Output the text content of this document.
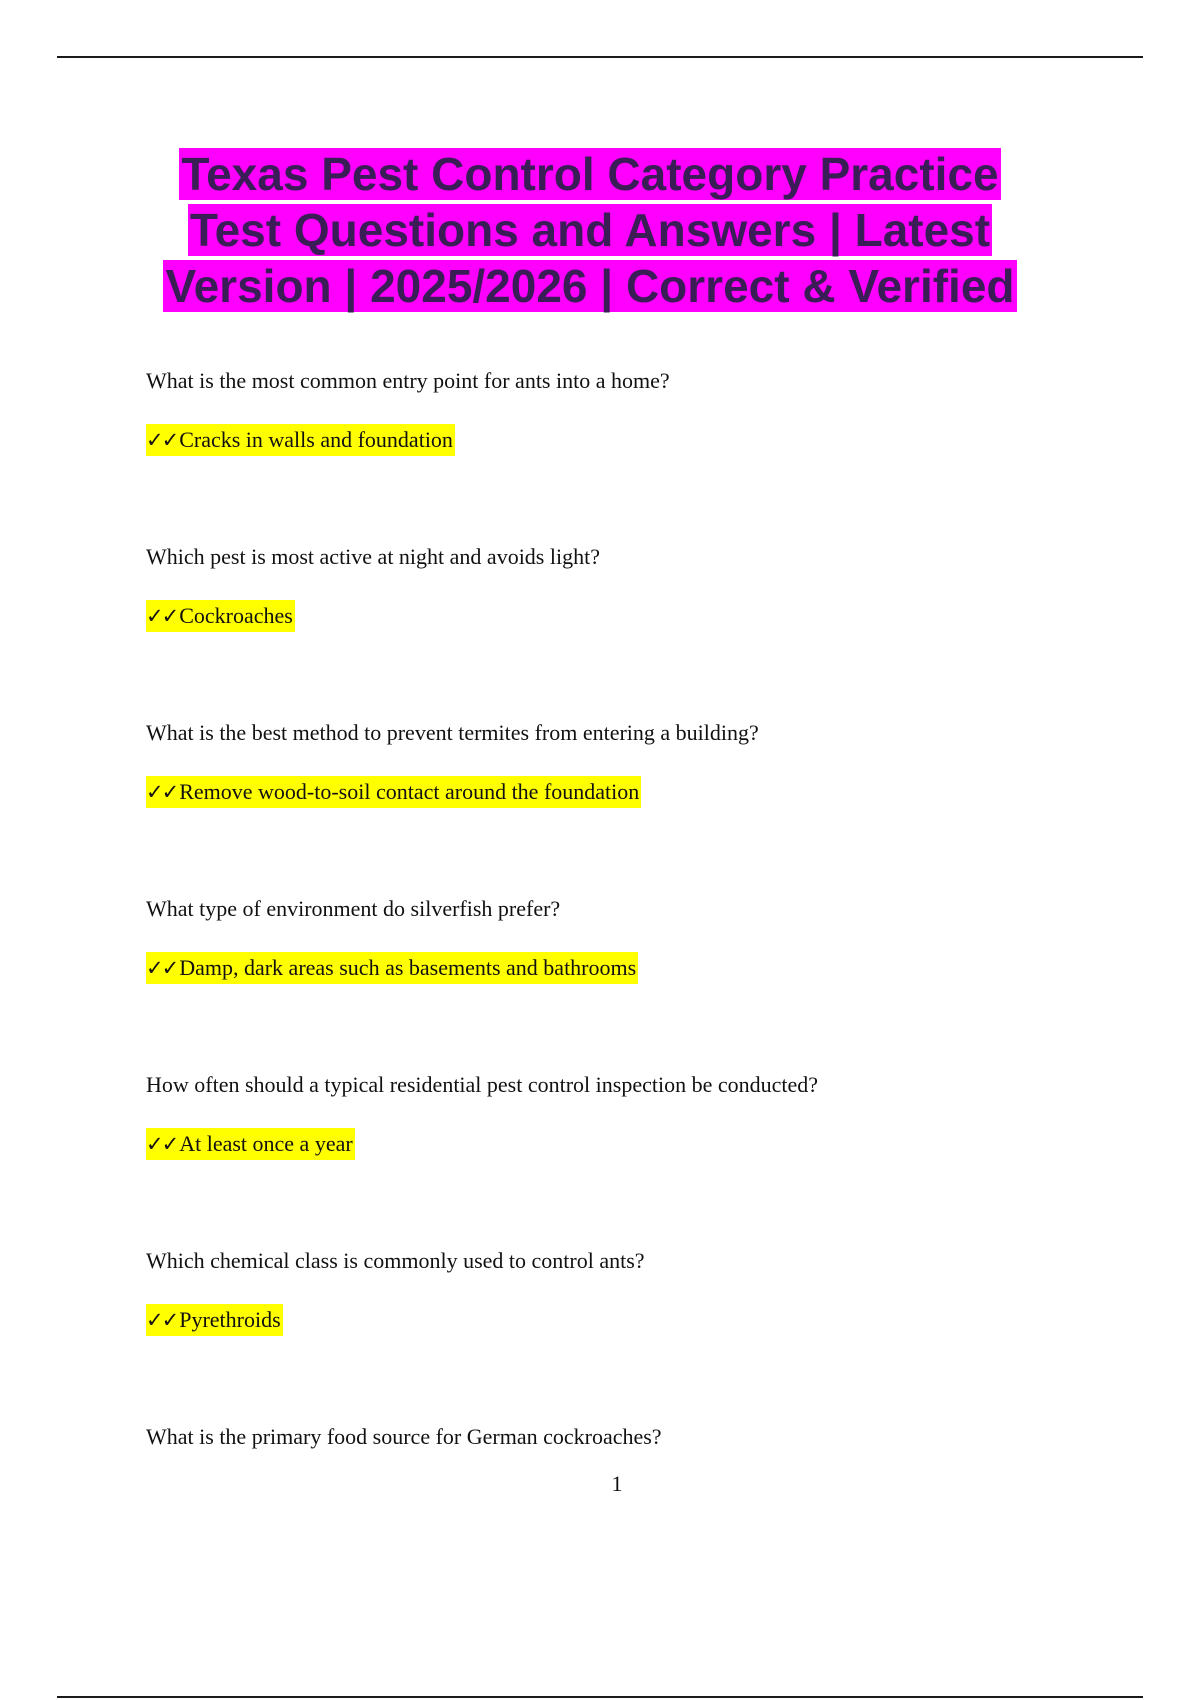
Texas Pest Control Category Practice Test Questions and Answers | Latest Version | 2025/2026 | Correct & Verified

What is the most common entry point for ants into a home?

✓✓Cracks in walls and foundation

Which pest is most active at night and avoids light?

✓✓Cockroaches

What is the best method to prevent termites from entering a building?

✓✓Remove wood-to-soil contact around the foundation

What type of environment do silverfish prefer?

✓✓Damp, dark areas such as basements and bathrooms

How often should a typical residential pest control inspection be conducted?

✓✓At least once a year

Which chemical class is commonly used to control ants?

✓✓Pyrethroids

What is the primary food source for German cockroaches?

1
